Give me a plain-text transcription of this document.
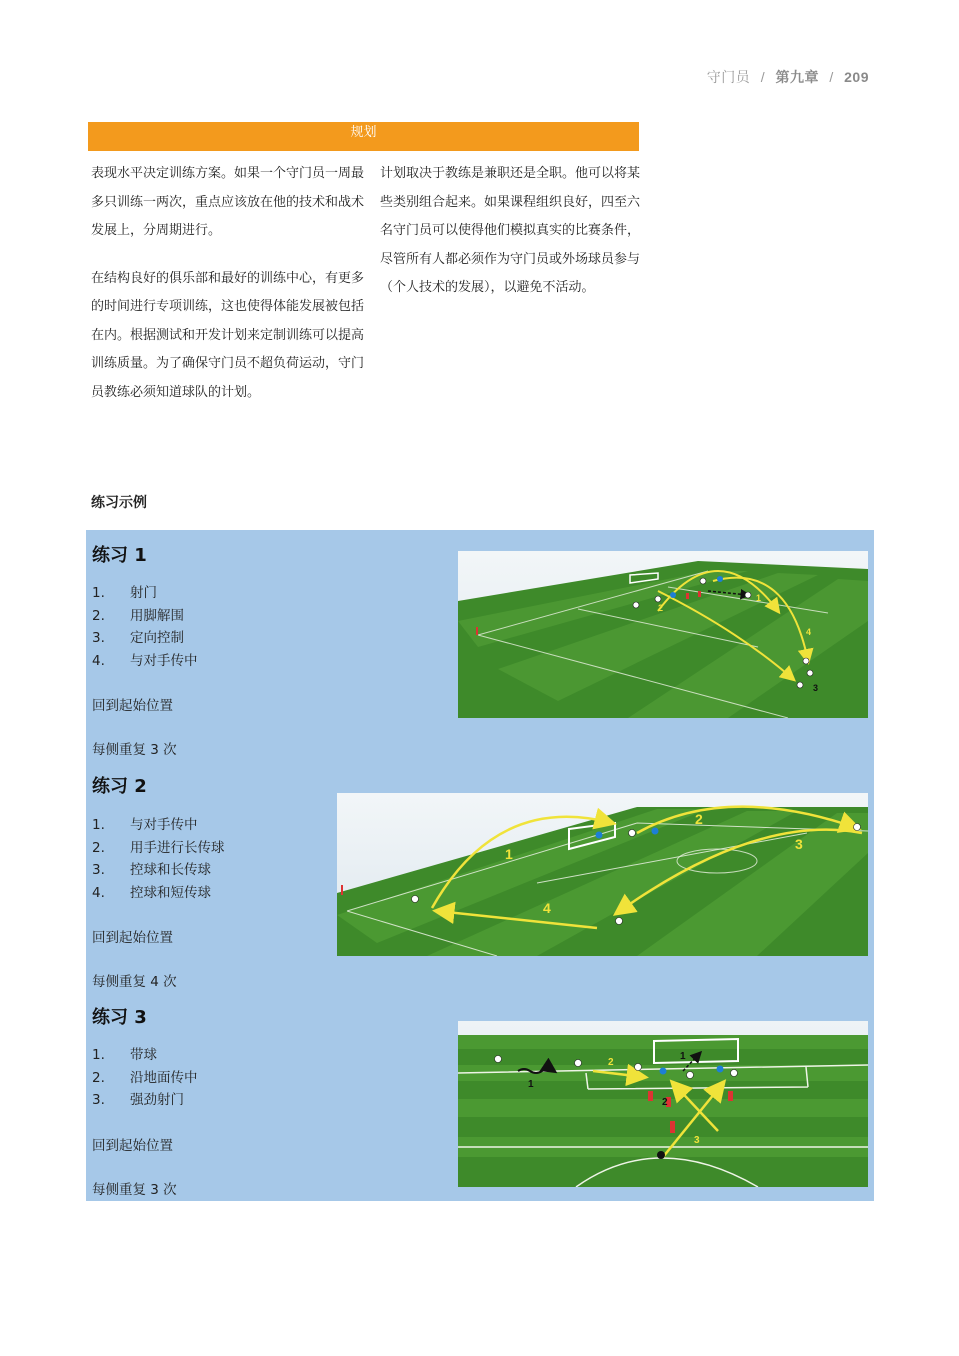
守门员 / 第九章 / 209
规划

表现水平决定训练方案。如果一个守门员一周最多只训练一两次，重点应该放在他的技术和战术发展上，分周期进行。

在结构良好的俱乐部和最好的训练中心，有更多的时间进行专项训练，这也使得体能发展被包括在内。根据测试和开发计划来定制训练可以提高训练质量。为了确保守门员不超负荷运动，守门员教练必须知道球队的计划。

计划取决于教练是兼职还是全职。他可以将某些类别组合起来。如果课程组织良好，四至六名守门员可以使得他们模拟真实的比赛条件，尽管所有人都必须作为守门员或外场球员参与（个人技术的发展），以避免不活动。

练习示例
练习 1
1.	射门
2.	用脚解围
3.	定向控制
4.	与对手传中
回到起始位置
每侧重复 3 次
2
1
3
4
练习 2
1.	与对手传中
2.	用手进行长传球
3.	控球和长传球
4.	控球和短传球
回到起始位置
每侧重复 4 次
1
2
3
4
练习 3
1.	带球
2.	沿地面传中
3.	强劲射门
回到起始位置
每侧重复 3 次
1
2
3
1
2
